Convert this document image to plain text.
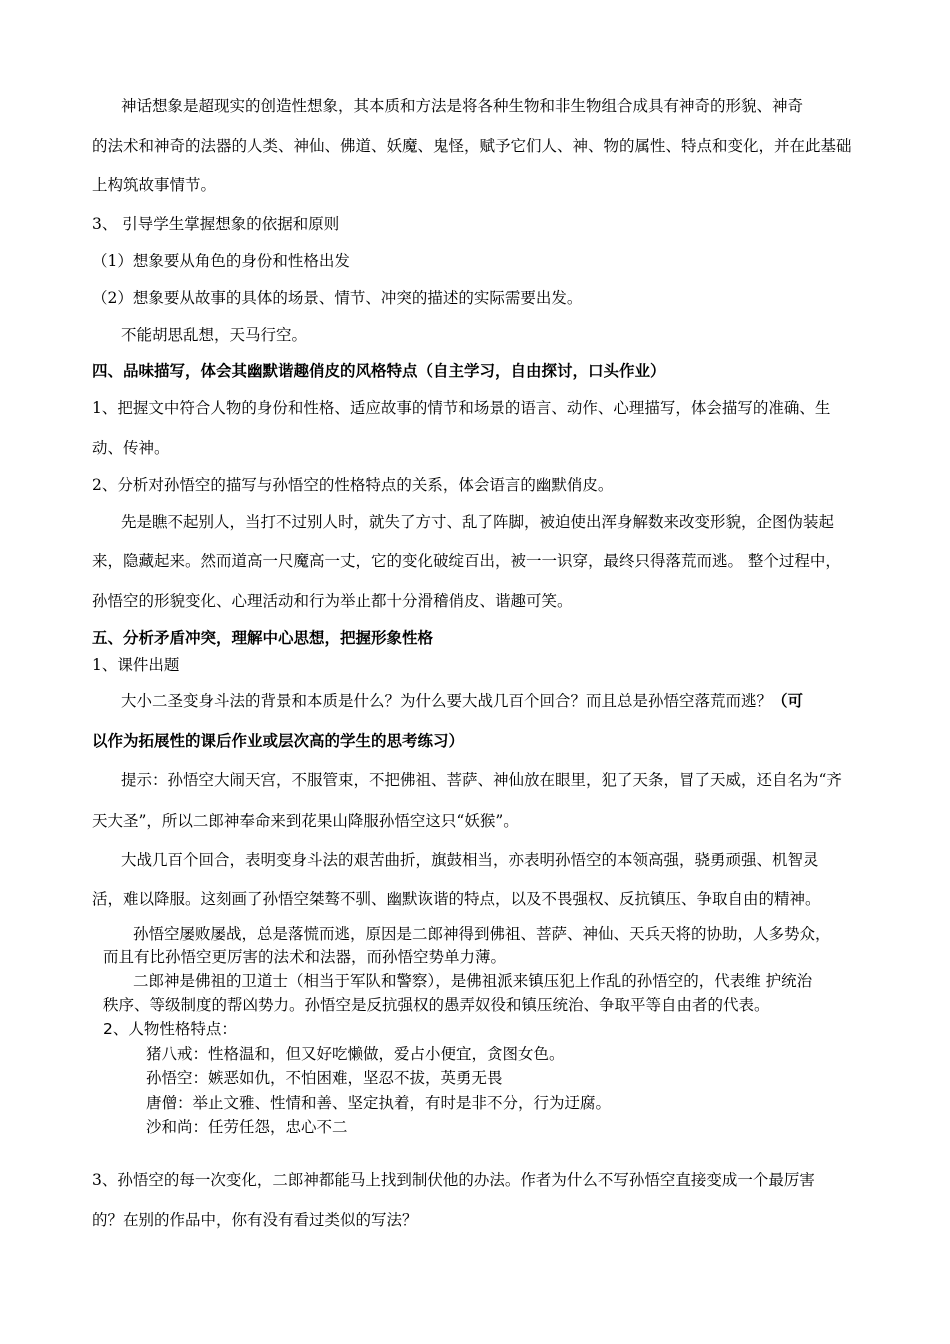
神话想象是超现实的创造性想象，其本质和方法是将各种生物和非生物组合成具有神奇的形貌、神奇
的法术和神奇的法器的人类、神仙、佛道、妖魔、鬼怪，赋予它们人、神、物的属性、特点和变化，并在此基础
上构筑故事情节。
3、 引导学生掌握想象的依据和原则
（1）想象要从角色的身份和性格出发
（2）想象要从故事的具体的场景、情节、冲突的描述的实际需要出发。
不能胡思乱想，天马行空。
四、品味描写，体会其幽默谐趣俏皮的风格特点（自主学习，自由探讨，口头作业）
1、把握文中符合人物的身份和性格、适应故事的情节和场景的语言、动作、心理描写，体会描写的准确、生
动、传神。
2、分析对孙悟空的描写与孙悟空的性格特点的关系，体会语言的幽默俏皮。
先是瞧不起别人，当打不过别人时，就失了方寸、乱了阵脚，被迫使出浑身解数来改变形貌，企图伪装起
来，隐藏起来。然而道高一尺魔高一丈，它的变化破绽百出，被一一识穿，最终只得落荒而逃。 整个过程中，
孙悟空的形貌变化、心理活动和行为举止都十分滑稽俏皮、谐趣可笑。
五、分析矛盾冲突，理解中心思想，把握形象性格
1、课件出题
大小二圣变身斗法的背景和本质是什么？为什么要大战几百个回合？而且总是孙悟空落荒而逃？（可
以作为拓展性的课后作业或层次高的学生的思考练习）
提示：孙悟空大闹天宫，不服管束，不把佛祖、菩萨、神仙放在眼里，犯了天条，冒了天威，还自名为“齐
天大圣”，所以二郎神奉命来到花果山降服孙悟空这只“妖猴”。
大战几百个回合，表明变身斗法的艰苦曲折，旗鼓相当，亦表明孙悟空的本领高强，骁勇顽强、机智灵
活，难以降服。这刻画了孙悟空桀骜不驯、幽默诙谐的特点，以及不畏强权、反抗镇压、争取自由的精神。
孙悟空屡败屡战，总是落慌而逃，原因是二郎神得到佛祖、菩萨、神仙、天兵天将的协助，人多势众，
而且有比孙悟空更厉害的法术和法器，而孙悟空势单力薄。
二郎神是佛祖的卫道士（相当于军队和警察），是佛祖派来镇压犯上作乱的孙悟空的，代表维 护统治
秩序、等级制度的帮凶势力。孙悟空是反抗强权的愚弄奴役和镇压统治、争取平等自由者的代表。
2、人物性格特点：
猪八戒：性格温和，但又好吃懒做，爱占小便宜，贪图女色。
孙悟空：嫉恶如仇，不怕困难，坚忍不拔，英勇无畏
唐僧：举止文雅、性情和善、坚定执着，有时是非不分，行为迂腐。
沙和尚：任劳任怨，忠心不二
3、孙悟空的每一次变化，二郎神都能马上找到制伏他的办法。作者为什么不写孙悟空直接变成一个最厉害
的？在别的作品中，你有没有看过类似的写法？
